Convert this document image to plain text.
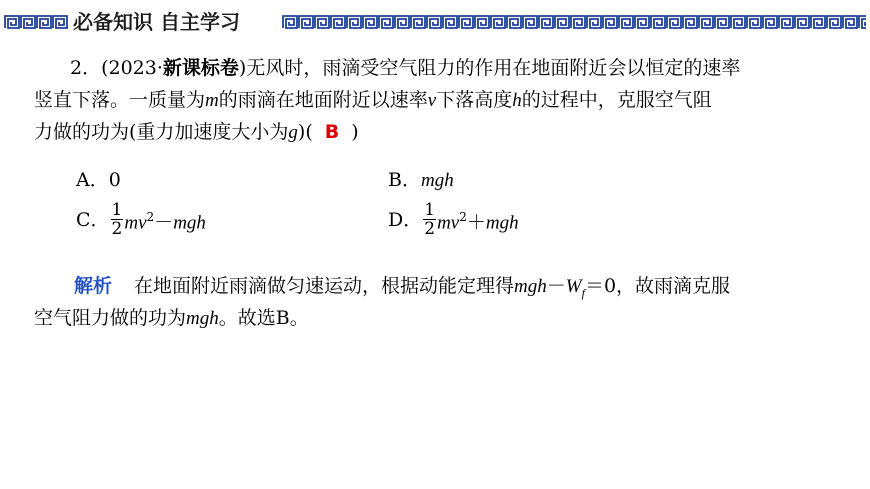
必备知识 自主学习
2．(2023·新课标卷)无风时，雨滴受空气阻力的作用在地面附近会以恒定的速率
竖直下落。一质量为m的雨滴在地面附近以速率v下落高度h的过程中，克服空气阻
力做的功为(重力加速度大小为g)( B )
A．0	B．mgh
C． $\frac{1}{2} mv^2-mgh$	D． $\frac{1}{2} mv^2+mgh$
解析 在地面附近雨滴做匀速运动，根据动能定理得$mgh-W_f=0$，故雨滴克服
空气阻力做的功为mgh。故选B。
